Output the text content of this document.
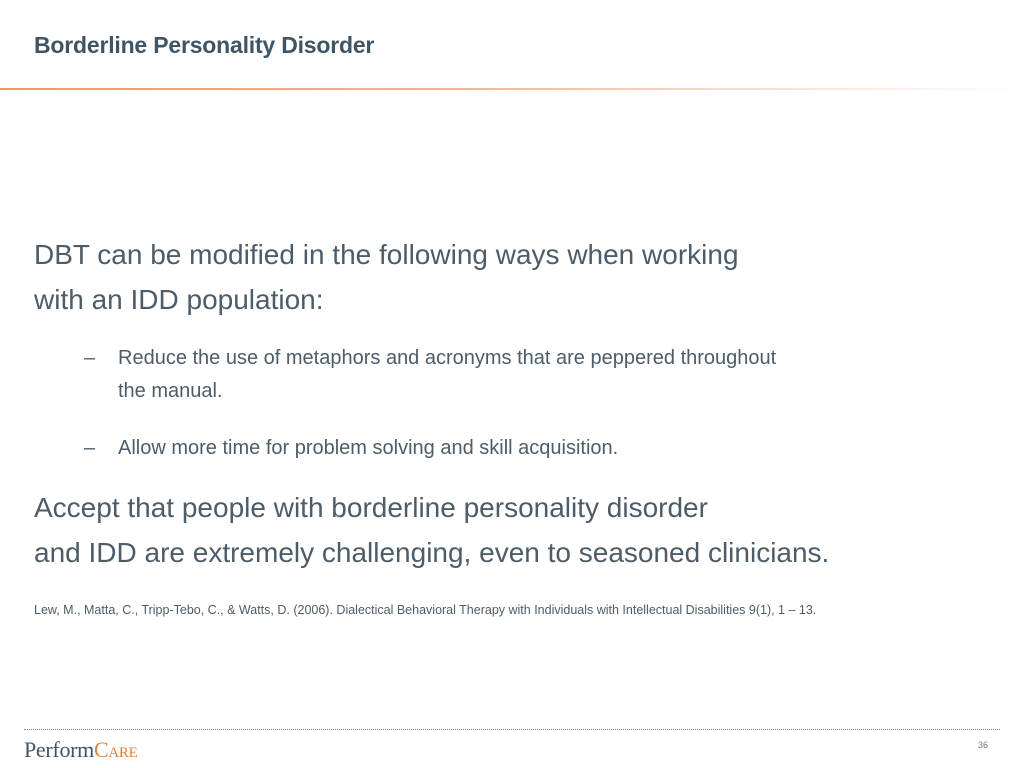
Borderline Personality Disorder

DBT can be modified in the following ways when working
with an IDD population:

– Reduce the use of metaphors and acronyms that are peppered throughout the manual.
– Allow more time for problem solving and skill acquisition.

Accept that people with borderline personality disorder
and IDD are extremely challenging, even to seasoned clinicians.

Lew, M., Matta, C., Tripp-Tebo, C., & Watts, D. (2006). Dialectical Behavioral Therapy with Individuals with Intellectual Disabilities 9(1), 1 – 13.
PerformCare	36
